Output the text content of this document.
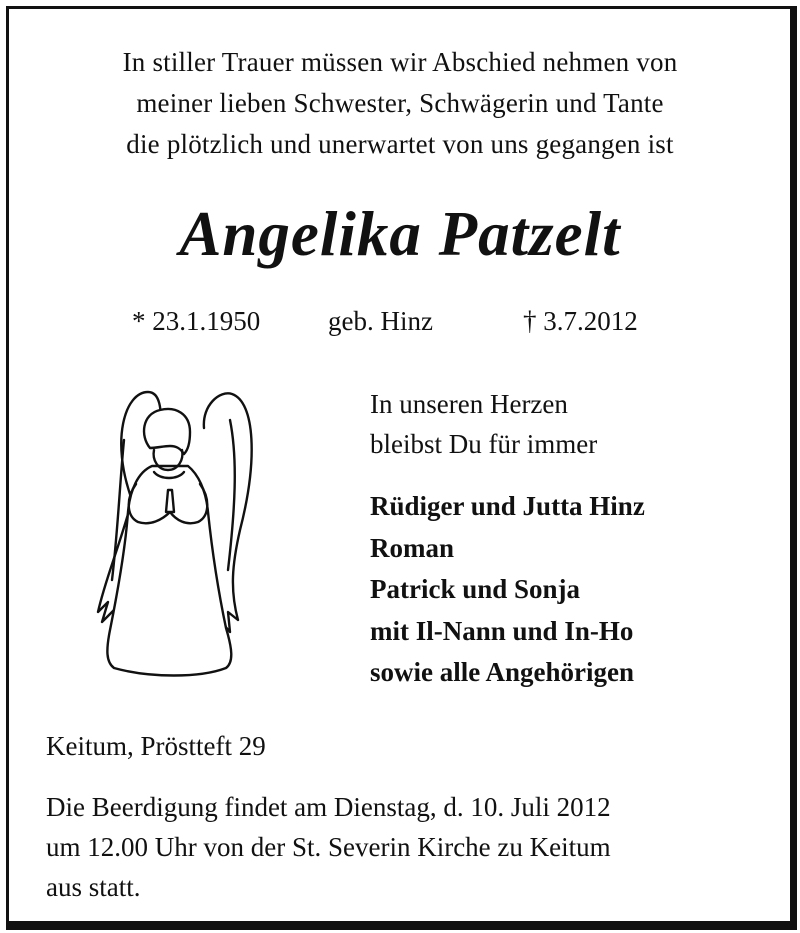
In stiller Trauer müssen wir Abschied nehmen von
meiner lieben Schwester, Schwägerin und Tante
die plötzlich und unerwartet von uns gegangen ist
Angelika Patzelt
* 23.1.1950	geb. Hinz	† 3.7.2012
In unseren Herzen
bleibst Du für immer
Rüdiger und Jutta Hinz
Roman
Patrick und Sonja
mit Il-Nann und In-Ho
sowie alle Angehörigen
Keitum, Pröstteft 29
Die Beerdigung findet am Dienstag, d. 10. Juli 2012
um 12.00 Uhr von der St. Severin Kirche zu Keitum
aus statt.
